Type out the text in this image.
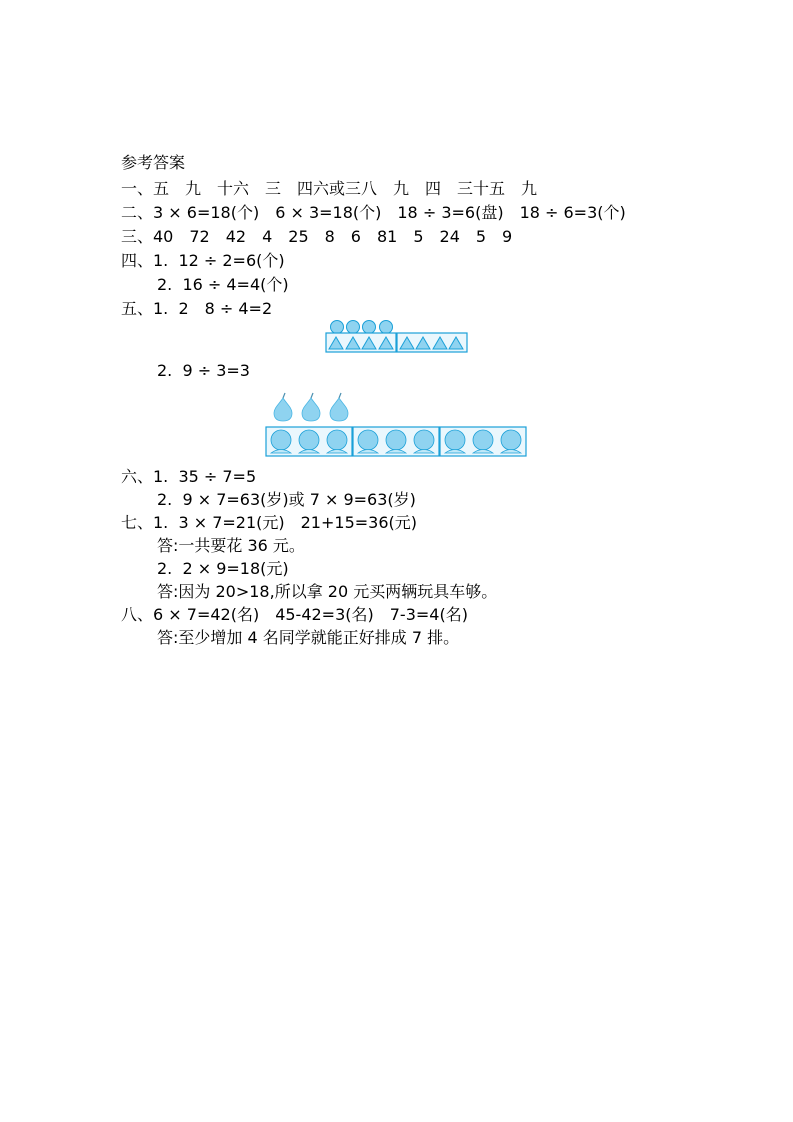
参考答案
一、五　九　十六　三　四六或三八　九　四　三十五　九
二、3 × 6=18(个)　6 × 3=18(个)　18 ÷ 3=6(盘)　18 ÷ 6=3(个)
三、40　72　42　4　25　8　6　81　5　24　5　9
四、1.  12 ÷ 2=6(个)
2.  16 ÷ 4=4(个)
五、1.  2　8 ÷ 4=2
2.  9 ÷ 3=3
六、1.  35 ÷ 7=5
2.  9 × 7=63(岁)或 7 × 9=63(岁)
七、1.  3 × 7=21(元)　21+15=36(元)
答:一共要花 36 元。
2.  2 × 9=18(元)
答:因为 20>18,所以拿 20 元买两辆玩具车够。
八、6 × 7=42(名)　45-42=3(名)　7-3=4(名)
答:至少增加 4 名同学就能正好排成 7 排。
